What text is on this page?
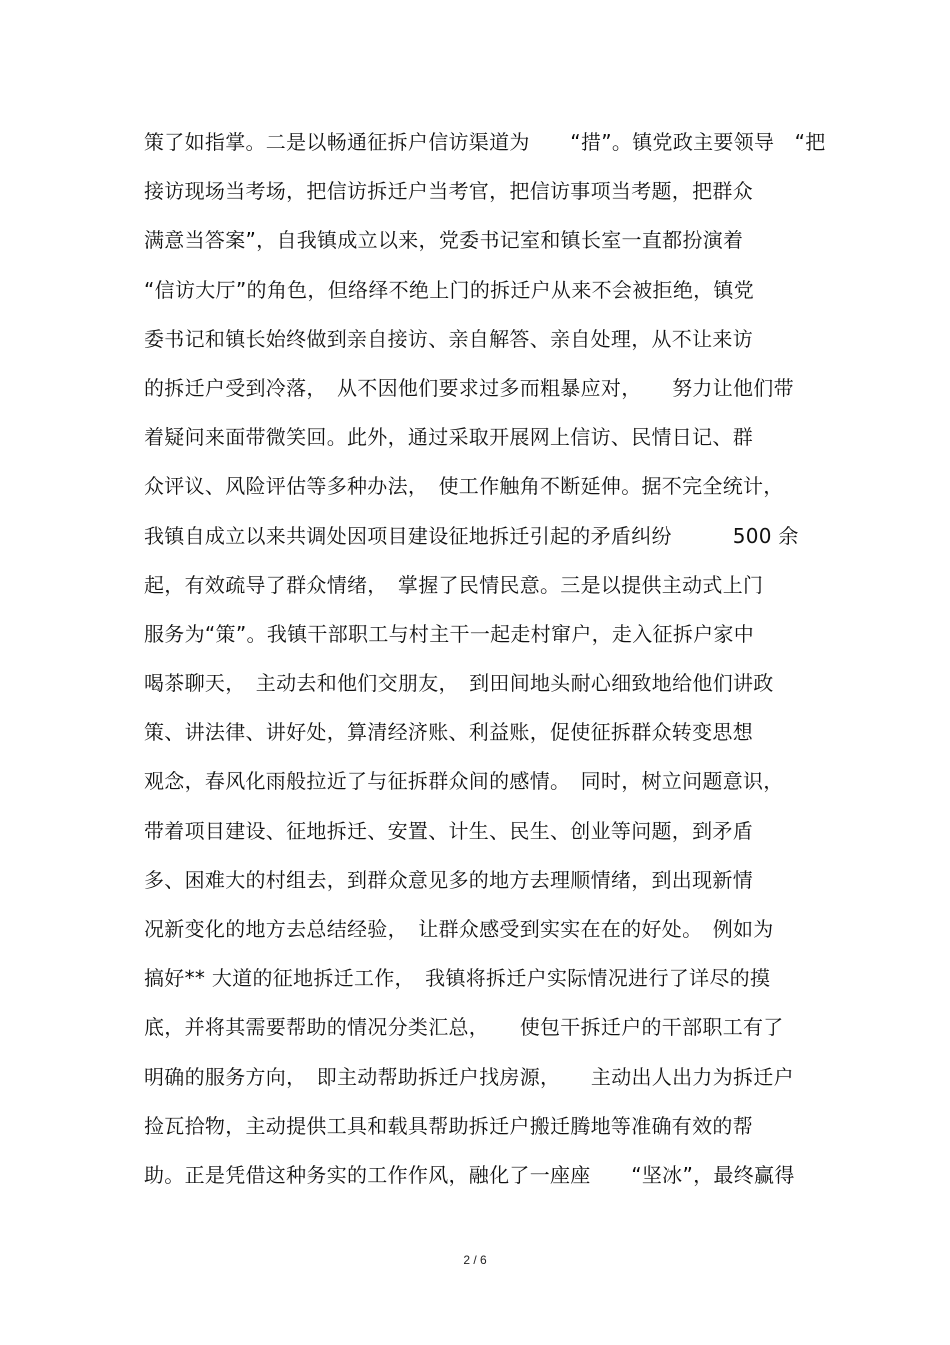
策了如指掌。二是以畅通征拆户信访渠道为　　“措”。镇党政主要领导　“把
接访现场当考场，把信访拆迁户当考官，把信访事项当考题，把群众
满意当答案”，自我镇成立以来，党委书记室和镇长室一直都扮演着
“信访大厅”的角色，但络绎不绝上门的拆迁户从来不会被拒绝，镇党
委书记和镇长始终做到亲自接访、亲自解答、亲自处理，从不让来访
的拆迁户受到冷落，　从不因他们要求过多而粗暴应对，　　努力让他们带
着疑问来面带微笑回。此外，通过采取开展网上信访、民情日记、群
众评议、风险评估等多种办法，　使工作触角不断延伸。据不完全统计，
我镇自成立以来共调处因项目建设征地拆迁引起的矛盾纠纷　　　500 余
起，有效疏导了群众情绪，　掌握了民情民意。三是以提供主动式上门
服务为“策”。我镇干部职工与村主干一起走村窜户，走入征拆户家中
喝茶聊天，　主动去和他们交朋友，　到田间地头耐心细致地给他们讲政
策、讲法律、讲好处，算清经济账、利益账，促使征拆群众转变思想
观念，春风化雨般拉近了与征拆群众间的感情。　同时，树立问题意识，
带着项目建设、征地拆迁、安置、计生、民生、创业等问题，到矛盾
多、困难大的村组去，到群众意见多的地方去理顺情绪，到出现新情
况新变化的地方去总结经验，　让群众感受到实实在在的好处。　例如为
搞好** 大道的征地拆迁工作，　我镇将拆迁户实际情况进行了详尽的摸
底，并将其需要帮助的情况分类汇总，　　使包干拆迁户的干部职工有了
明确的服务方向，　即主动帮助拆迁户找房源，　　主动出人出力为拆迁户
捡瓦拾物，主动提供工具和载具帮助拆迁户搬迁腾地等准确有效的帮
助。正是凭借这种务实的工作作风，融化了一座座　　“坚冰”，最终赢得
2 / 6
